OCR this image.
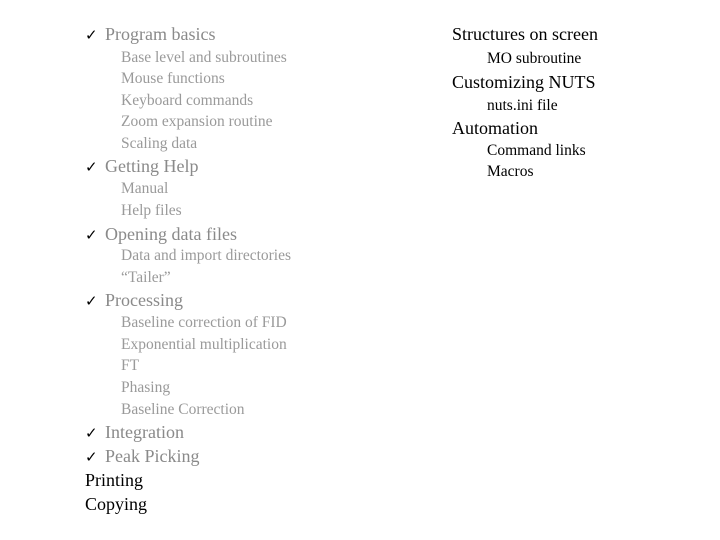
✓ Program basics
Base level and subroutines
Mouse functions
Keyboard commands
Zoom expansion routine
Scaling data
✓ Getting Help
Manual
Help files
✓ Opening data files
Data and import directories
“Tailer”
✓ Processing
Baseline correction of FID
Exponential multiplication
FT
Phasing
Baseline Correction
✓ Integration
✓ Peak Picking
Printing
Copying
Structures on screen
MO subroutine
Customizing NUTS
nuts.ini file
Automation
Command links
Macros
